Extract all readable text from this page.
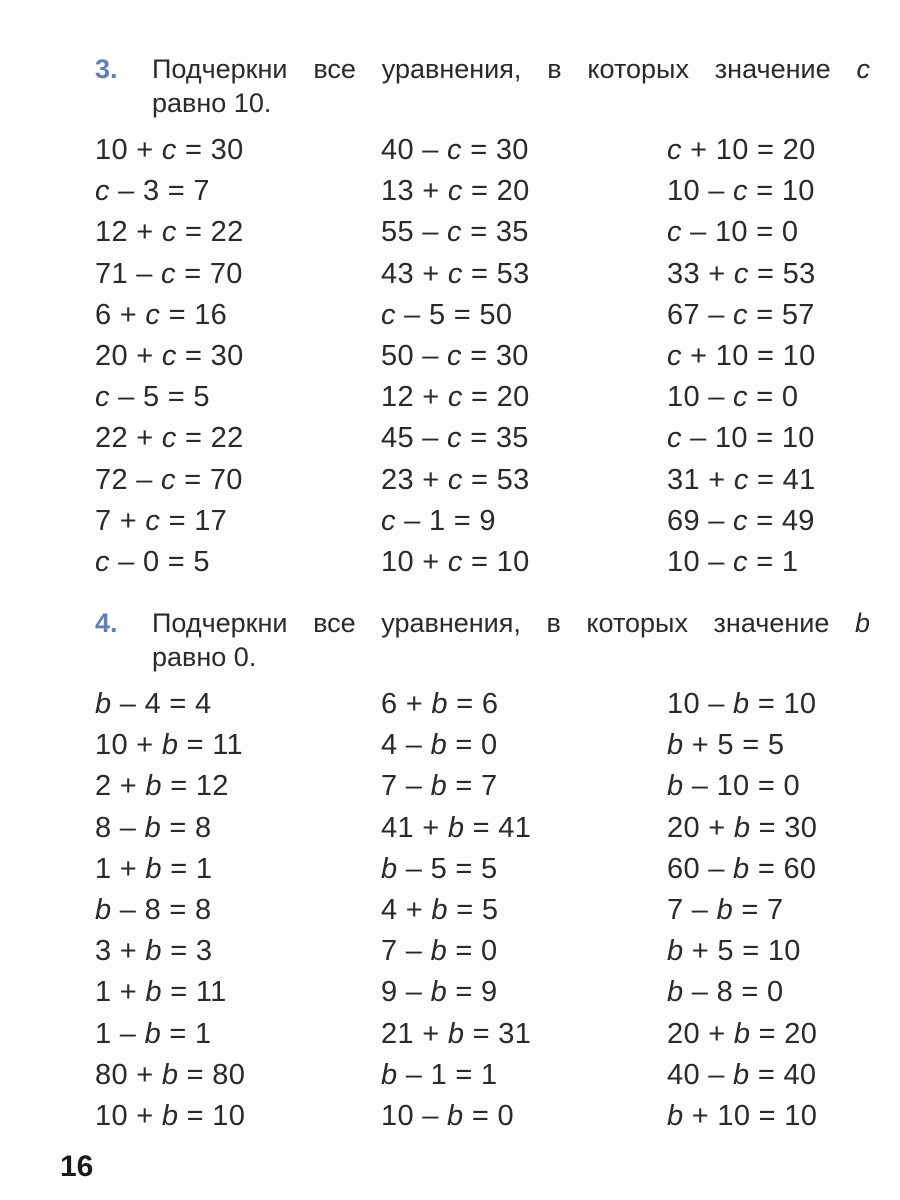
3.	Подчеркни все уравнения, в которых значение c
равно 10.
10 + c = 30	40 – c = 30	c + 10 = 20
c – 3 = 7	13 + c = 20	10 – c = 10
12 + c = 22	55 – c = 35	c – 10 = 0
71 – c = 70	43 + c = 53	33 + c = 53
6 + c = 16	c – 5 = 50	67 – c = 57
20 + c = 30	50 – c = 30	c + 10 = 10
c – 5 = 5	12 + c = 20	10 – c = 0
22 + c = 22	45 – c = 35	c – 10 = 10
72 – c = 70	23 + c = 53	31 + c = 41
7 + c = 17	c – 1 = 9	69 – c = 49
c – 0 = 5	10 + c = 10	10 – c = 1
4.	Подчеркни все уравнения, в которых значение b
равно 0.
b – 4 = 4	6 + b = 6	10 – b = 10
10 + b = 11	4 – b = 0	b + 5 = 5
2 + b = 12	7 – b = 7	b – 10 = 0
8 – b = 8	41 + b = 41	20 + b = 30
1 + b = 1	b – 5 = 5	60 – b = 60
b – 8 = 8	4 + b = 5	7 – b = 7
3 + b = 3	7 – b = 0	b + 5 = 10
1 + b = 11	9 – b = 9	b – 8 = 0
1 – b = 1	21 + b = 31	20 + b = 20
80 + b = 80	b – 1 = 1	40 – b = 40
10 + b = 10	10 – b = 0	b + 10 = 10
16
